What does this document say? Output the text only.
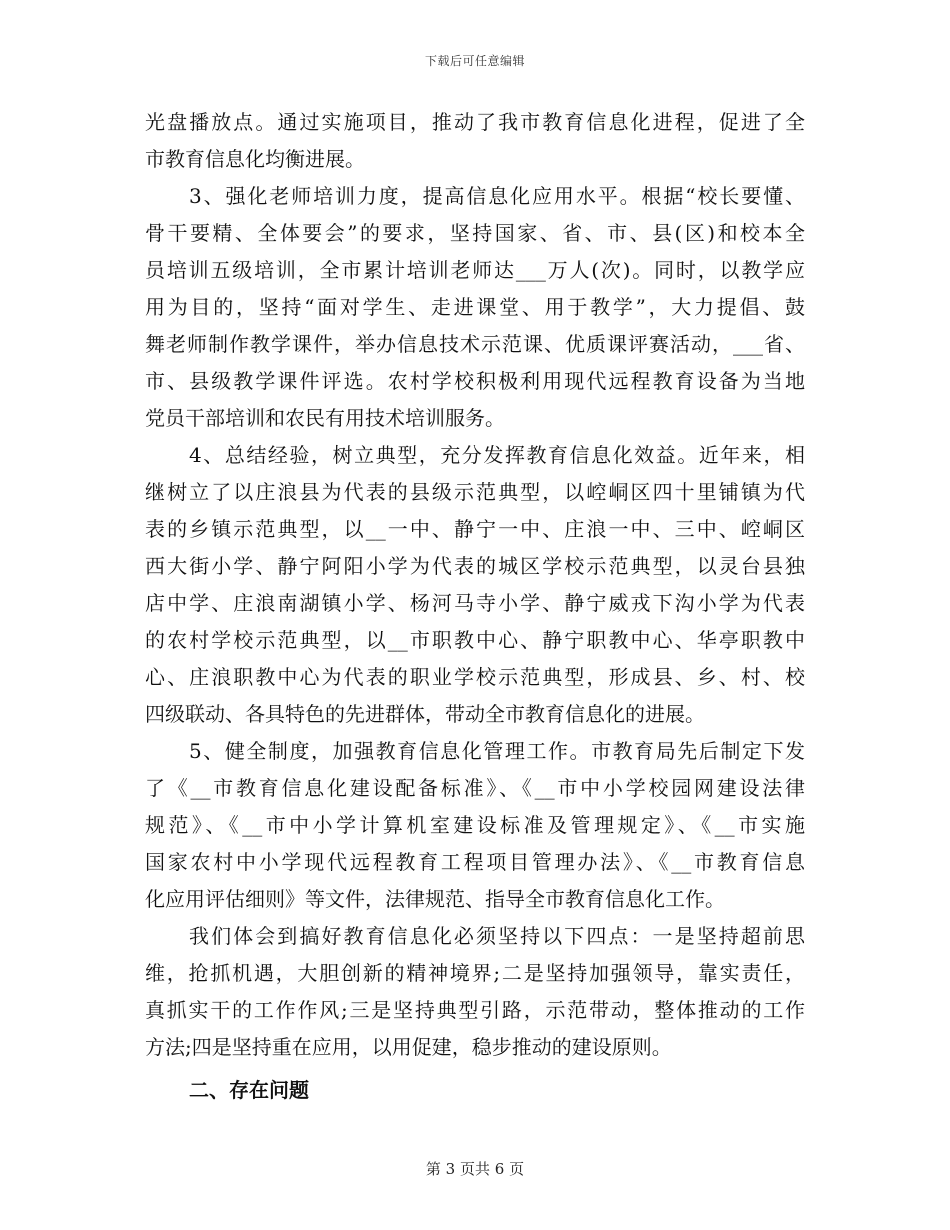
下载后可任意编辑
光盘播放点。通过实施项目，推动了我市教育信息化进程，促进了全
市教育信息化均衡进展。
3、强化老师培训力度，提高信息化应用水平。根据“校长要懂、
骨干要精、全体要会”的要求，坚持国家、省、市、县(区)和校本全
员培训五级培训，全市累计培训老师达___万人(次)。同时，以教学应
用为目的，坚持“面对学生、走进课堂、用于教学”，大力提倡、鼓
舞老师制作教学课件，举办信息技术示范课、优质课评赛活动，___省、
市、县级教学课件评选。农村学校积极利用现代远程教育设备为当地
党员干部培训和农民有用技术培训服务。
4、总结经验，树立典型，充分发挥教育信息化效益。近年来，相
继树立了以庄浪县为代表的县级示范典型，以崆峒区四十里铺镇为代
表的乡镇示范典型，以__一中、静宁一中、庄浪一中、三中、崆峒区
西大街小学、静宁阿阳小学为代表的城区学校示范典型，以灵台县独
店中学、庄浪南湖镇小学、杨河马寺小学、静宁威戎下沟小学为代表
的农村学校示范典型，以__市职教中心、静宁职教中心、华亭职教中
心、庄浪职教中心为代表的职业学校示范典型，形成县、乡、村、校
四级联动、各具特色的先进群体，带动全市教育信息化的进展。
5、健全制度，加强教育信息化管理工作。市教育局先后制定下发
了《__市教育信息化建设配备标准》、《__市中小学校园网建设法律
规范》、《__市中小学计算机室建设标准及管理规定》、《__市实施
国家农村中小学现代远程教育工程项目管理办法》、《__市教育信息
化应用评估细则》等文件，法律规范、指导全市教育信息化工作。
我们体会到搞好教育信息化必须坚持以下四点：一是坚持超前思
维，抢抓机遇，大胆创新的精神境界;二是坚持加强领导，靠实责任，
真抓实干的工作作风;三是坚持典型引路，示范带动，整体推动的工作
方法;四是坚持重在应用，以用促建，稳步推动的建设原则。
二、存在问题
第 3 页共 6 页
